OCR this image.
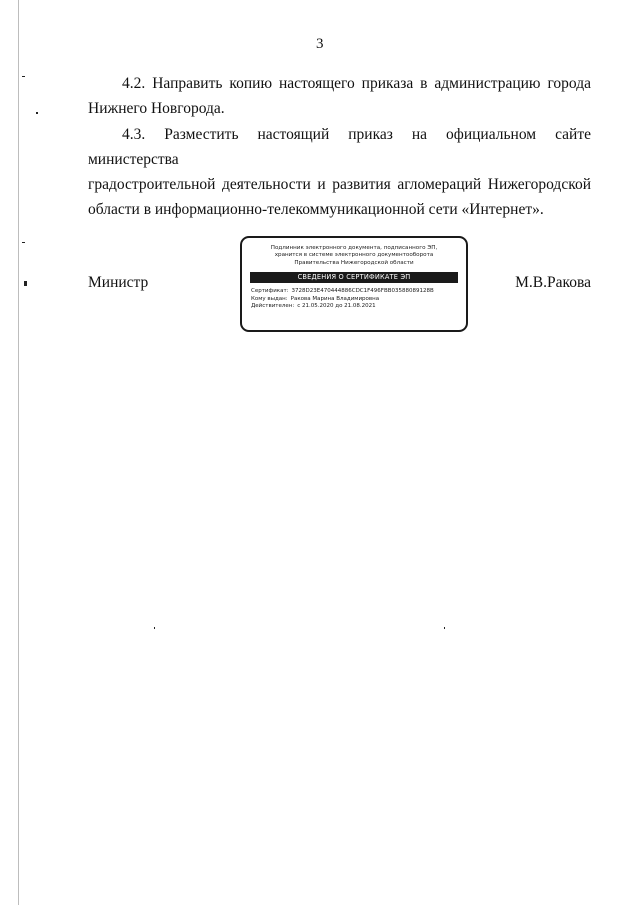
3

4.2. Направить копию настоящего приказа в администрацию города
Нижнего Новгорода.

4.3. Разместить настоящий приказ на официальном сайте министерства
градостроительной деятельности и развития агломераций Нижегородской
области в информационно-телекоммуникационной сети «Интернет».

Министр
Подлинник электронного документа, подписанного ЭП,
хранится в системе электронного документооборота
Правительства Нижегородской области
СВЕДЕНИЯ О СЕРТИФИКАТЕ ЭП
Сертификат: 3728D23E470444886CDC1F496FBB03588089128B
Кому выдан: Ракова Марина Владимировна
Действителен: с 21.05.2020 до 21.08.2021
М.В.Ракова
